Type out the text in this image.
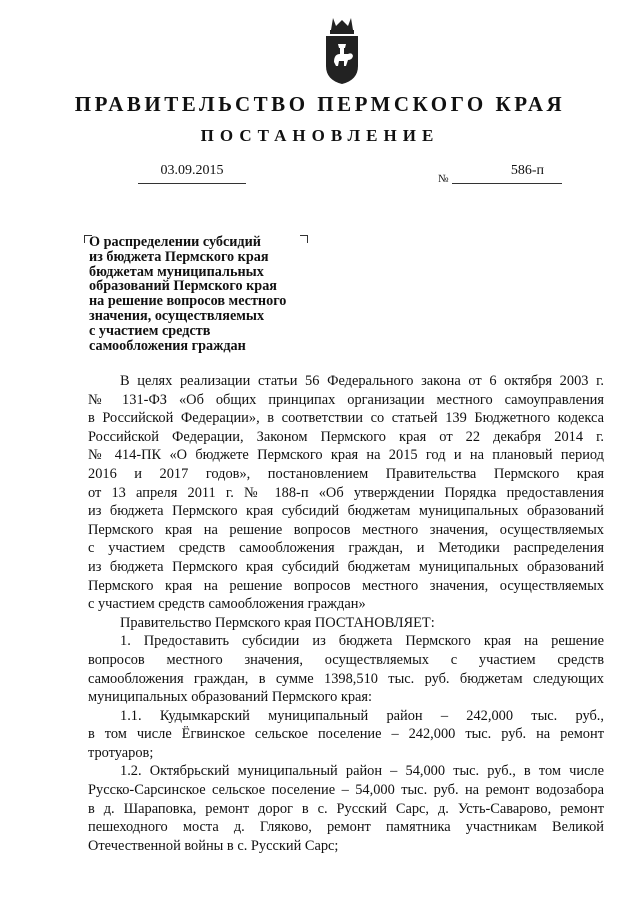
ПРАВИТЕЛЬСТВО ПЕРМСКОГО КРАЯ
ПОСТАНОВЛЕНИЕ
03.09.2015
№
586-п
О распределении субсидий
из бюджета Пермского края
бюджетам муниципальных
образований Пермского края
на решение вопросов местного
значения, осуществляемых
с участием средств
самообложения граждан
В целях реализации статьи 56 Федерального закона от 6 октября 2003 г.
№ 131-ФЗ «Об общих принципах организации местного самоуправления
в Российской Федерации», в соответствии со статьей 139 Бюджетного кодекса
Российской Федерации, Законом Пермского края от 22 декабря 2014 г.
№ 414-ПК «О бюджете Пермского края на 2015 год и на плановый период
2016 и 2017 годов», постановлением Правительства Пермского края
от 13 апреля 2011 г. № 188-п «Об утверждении Порядка предоставления
из бюджета Пермского края субсидий бюджетам муниципальных образований
Пермского края на решение вопросов местного значения, осуществляемых
с участием средств самообложения граждан, и Методики распределения
из бюджета Пермского края субсидий бюджетам муниципальных образований
Пермского края на решение вопросов местного значения, осуществляемых
с участием средств самообложения граждан»
Правительство Пермского края ПОСТАНОВЛЯЕТ:
1. Предоставить субсидии из бюджета Пермского края на решение
вопросов местного значения, осуществляемых с участием средств
самообложения граждан, в сумме 1398,510 тыс. руб. бюджетам следующих
муниципальных образований Пермского края:
1.1. Кудымкарский муниципальный район – 242,000 тыс. руб.,
в том числе Ёгвинское сельское поселение – 242,000 тыс. руб. на ремонт
тротуаров;
1.2. Октябрьский муниципальный район – 54,000 тыс. руб., в том числе
Русско-Сарсинское сельское поселение – 54,000 тыс. руб. на ремонт водозабора
в д. Шараповка, ремонт дорог в с. Русский Сарс, д. Усть-Саварово, ремонт
пешеходного моста д. Гляково, ремонт памятника участникам Великой
Отечественной войны в с. Русский Сарс;
